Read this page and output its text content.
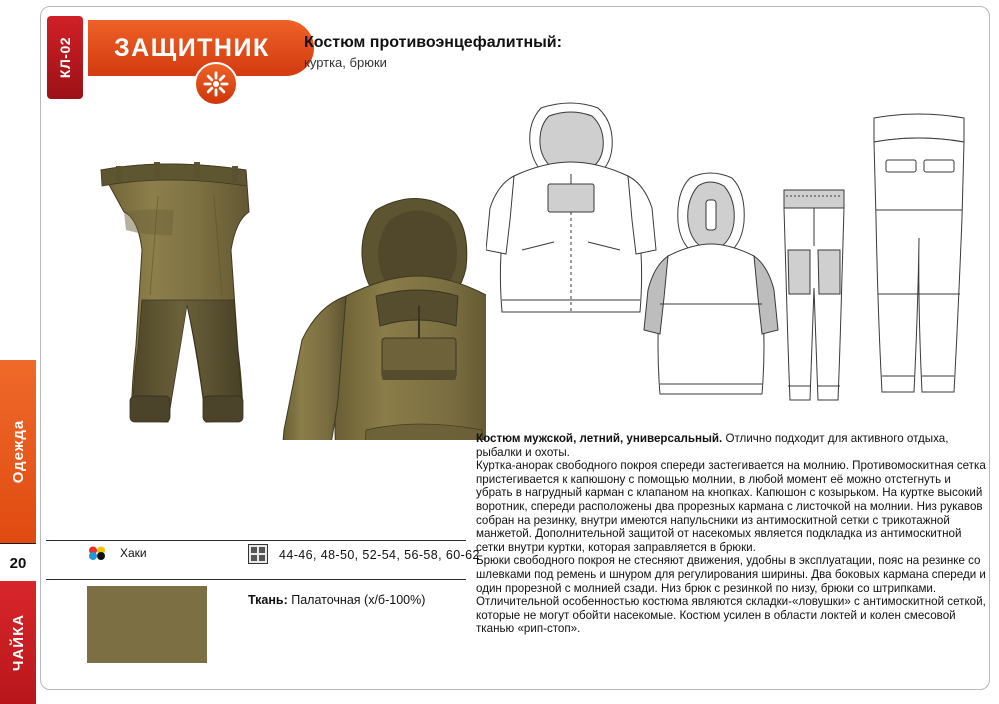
Одежда
20
ЧАЙКА
КЛ-02	ЗАЩИТНИК Костюм противоэнцефалитный:
куртка, брюки

Костюм мужской, летний, универсальный. Отлично подходит для активного отдыха, рыбалки и охоты.

Куртка-анорак свободного покроя спереди застегивается на молнию. Противомоскитная сетка пристегивается к капюшону с помощью молнии, в любой момент её можно отстегнуть и убрать в нагрудный карман с клапаном на кнопках. Капюшон с козырьком. На куртке высокий воротник, спереди расположены два прорезных кармана с листочкой на молнии. Низ рукавов собран на резинку, внутри имеются напульсники из антимоскитной сетки с трикотажной манжетой. Дополнительной защитой от насекомых является подкладка из антимоскитной сетки внутри куртки, которая заправляется в брюки.

Брюки свободного покроя не стесняют движения, удобны в эксплуатации, пояс на резинке со шлевками под ремень и шнуром для регулирования ширины. Два боковых кармана спереди и один прорезной с молнией сзади. Низ брюк с резинкой по низу, брюки со штрипками.

Отличительной особенностью костюма являются складки-«ловушки» с антимоскитной сеткой, которые не могут обойти насекомые. Костюм усилен в области локтей и колен смесовой тканью «рип-стоп».

Хаки	44-46, 48-50, 52-54, 56-58, 60-62
Ткань: Палаточная (х/б-100%)
